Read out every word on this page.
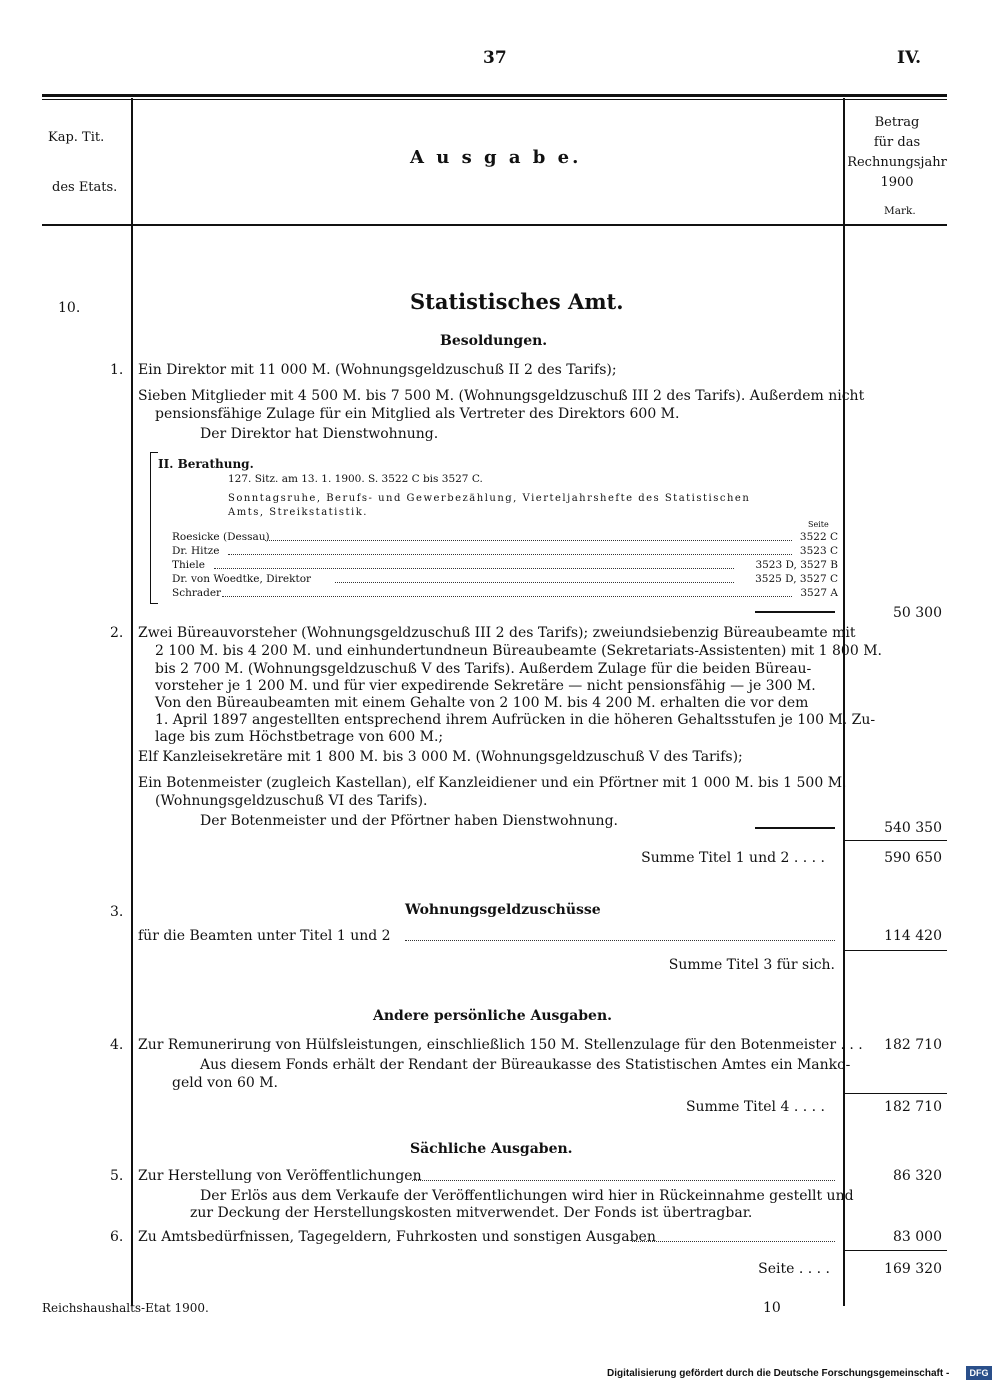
37	IV.
Kap. Tit.
des Etats.
A u s g a b e.
Betrag
für das
Rechnungsjahr
1900
Mark.
10.	Statistisches Amt.
Besoldungen.
1. Ein Direktor mit 11 000 M. (Wohnungsgeldzuschuß II 2 des Tarifs);
Sieben Mitglieder mit 4 500 M. bis 7 500 M. (Wohnungsgeldzuschuß III 2 des Tarifs). Außerdem nicht
pensionsfähige Zulage für ein Mitglied als Vertreter des Direktors 600 M.
Der Direktor hat Dienstwohnung.
II. Berathung.
127. Sitz. am 13. 1. 1900. S. 3522 C bis 3527 C.
Sonntagsruhe, Berufs- und Gewerbezählung, Vierteljahrshefte des Statistischen
Amts, Streikstatistik.
Seite
Roesicke (Dessau)	3522 C
Dr. Hitze	3523 C
Thiele	3523 D, 3527 B
Dr. von Woedtke, Direktor	3525 D, 3527 C
Schrader	3527 A
50 300
2. Zwei Büreauvorsteher (Wohnungsgeldzuschuß III 2 des Tarifs); zweiundsiebenzig Büreaubeamte mit
2 100 M. bis 4 200 M. und einhundertundneun Büreaubeamte (Sekretariats-Assistenten) mit 1 800 M.
bis 2 700 M. (Wohnungsgeldzuschuß V des Tarifs). Außerdem Zulage für die beiden Büreau-
vorsteher je 1 200 M. und für vier expedirende Sekretäre — nicht pensionsfähig — je 300 M.
Von den Büreaubeamten mit einem Gehalte von 2 100 M. bis 4 200 M. erhalten die vor dem
1. April 1897 angestellten entsprechend ihrem Aufrücken in die höheren Gehaltsstufen je 100 M. Zu-
lage bis zum Höchstbetrage von 600 M.;
Elf Kanzleisekretäre mit 1 800 M. bis 3 000 M. (Wohnungsgeldzuschuß V des Tarifs);
Ein Botenmeister (zugleich Kastellan), elf Kanzleidiener und ein Pförtner mit 1 000 M. bis 1 500 M.
(Wohnungsgeldzuschuß VI des Tarifs).
Der Botenmeister und der Pförtner haben Dienstwohnung.	540 350
Summe Titel 1 und 2 . . . .	590 650
3.	Wohnungsgeldzuschüsse
für die Beamten unter Titel 1 und 2	114 420
Summe Titel 3 für sich.
Andere persönliche Ausgaben.
4. Zur Remunerirung von Hülfsleistungen, einschließlich 150 M. Stellenzulage für den Botenmeister . . .	182 710
Aus diesem Fonds erhält der Rendant der Büreaukasse des Statistischen Amtes ein Manko-
geld von 60 M.
Summe Titel 4 . . . .	182 710
Sächliche Ausgaben.
5. Zur Herstellung von Veröffentlichungen	86 320
Der Erlös aus dem Verkaufe der Veröffentlichungen wird hier in Rückeinnahme gestellt und
zur Deckung der Herstellungskosten mitverwendet. Der Fonds ist übertragbar.
6. Zu Amtsbedürfnissen, Tagegeldern, Fuhrkosten und sonstigen Ausgaben	83 000
Seite . . . .	169 320
Reichshaushalts-Etat 1900.	10
Digitalisierung gefördert durch die Deutsche Forschungsgemeinschaft -	DFG
